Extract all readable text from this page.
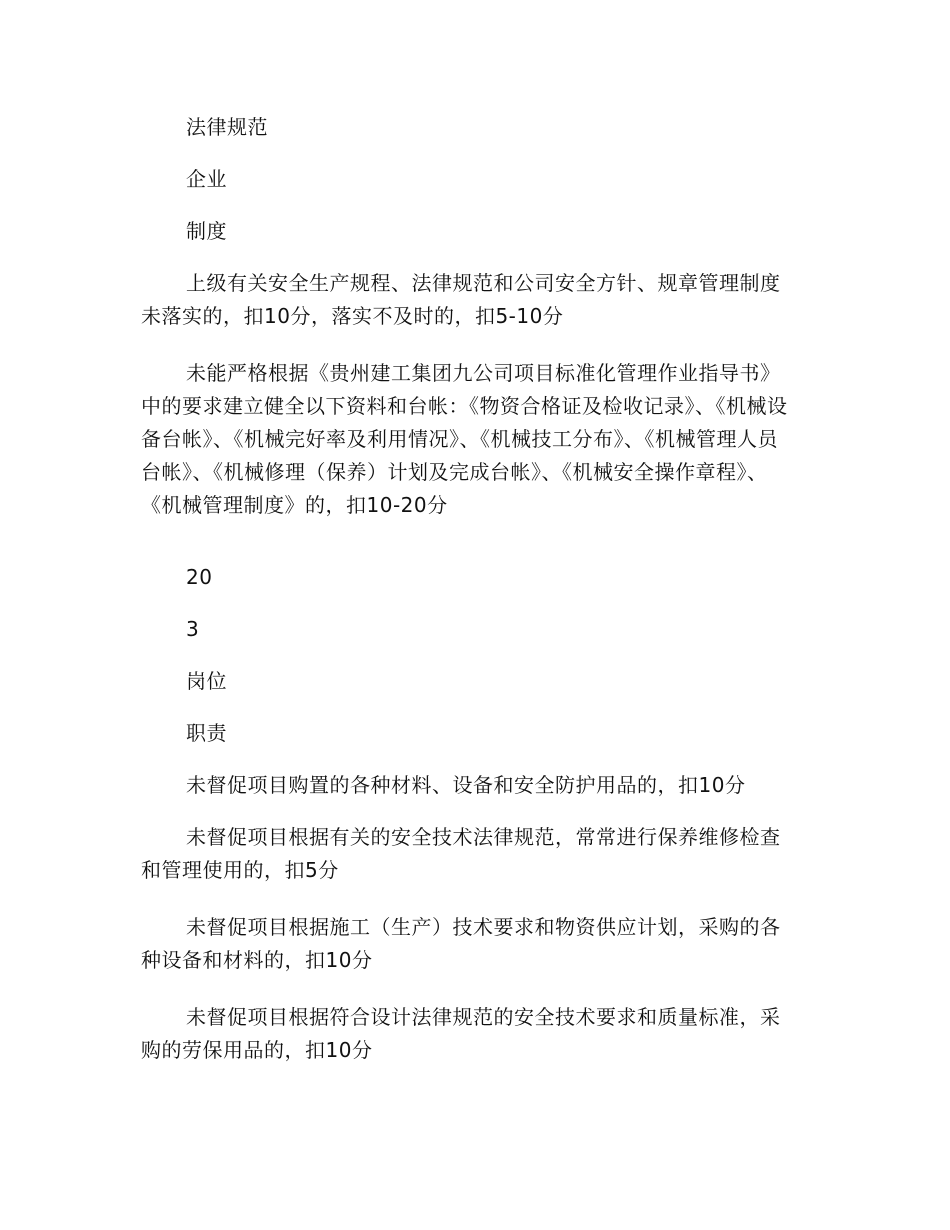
法律规范

企业

制度

上级有关安全生产规程、法律规范和公司安全方针、规章管理制度未落实的，扣10分，落实不及时的，扣5-10分

未能严格根据《贵州建工集团九公司项目标准化管理作业指导书》中的要求建立健全以下资料和台帐：《物资合格证及检收记录》、《机械设备台帐》、《机械完好率及利用情况》、《机械技工分布》、《机械管理人员台帐》、《机械修理（保养）计划及完成台帐》、《机械安全操作章程》、《机械管理制度》的，扣10-20分

20

3

岗位

职责

未督促项目购置的各种材料、设备和安全防护用品的，扣10分

未督促项目根据有关的安全技术法律规范，常常进行保养维修检查和管理使用的，扣5分

未督促项目根据施工（生产）技术要求和物资供应计划，采购的各种设备和材料的，扣10分

未督促项目根据符合设计法律规范的安全技术要求和质量标准，采购的劳保用品的，扣10分
